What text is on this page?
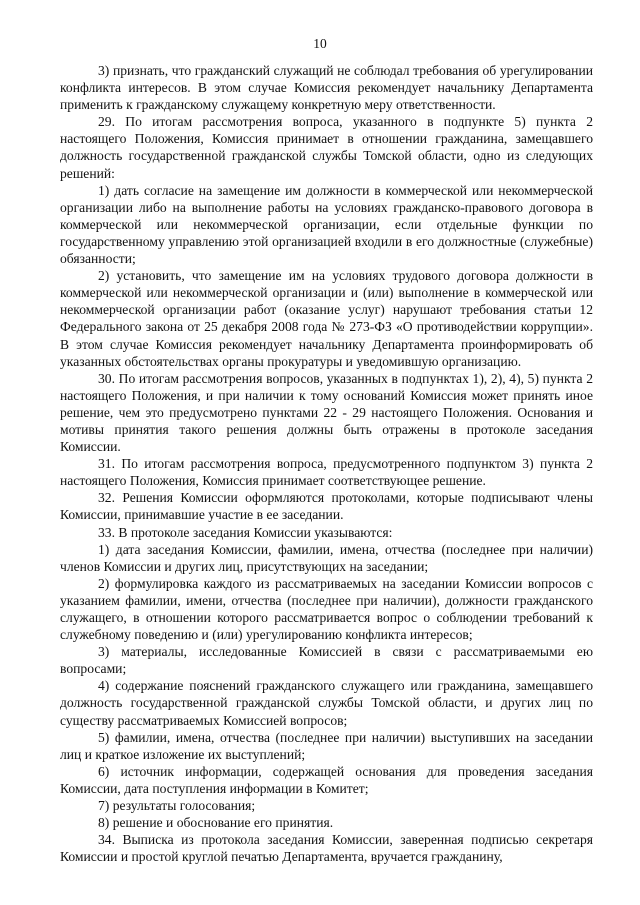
10

3) признать, что гражданский служащий не соблюдал требования об урегулировании конфликта интересов. В этом случае Комиссия рекомендует начальнику Департамента применить к гражданскому служащему конкретную меру ответственности.

29. По итогам рассмотрения вопроса, указанного в подпункте 5) пункта 2 настоящего Положения, Комиссия принимает в отношении гражданина, замещавшего должность государственной гражданской службы Томской области, одно из следующих решений:

1) дать согласие на замещение им должности в коммерческой или некоммерческой организации либо на выполнение работы на условиях гражданско-правового договора в коммерческой или некоммерческой организации, если отдельные функции по государственному управлению этой организацией входили в его должностные (служебные) обязанности;

2) установить, что замещение им на условиях трудового договора должности в коммерческой или некоммерческой организации и (или) выполнение в коммерческой или некоммерческой организации работ (оказание услуг) нарушают требования статьи 12 Федерального закона от 25 декабря 2008 года № 273-ФЗ «О противодействии коррупции». В этом случае Комиссия рекомендует начальнику Департамента проинформировать об указанных обстоятельствах органы прокуратуры и уведомившую организацию.

30. По итогам рассмотрения вопросов, указанных в подпунктах 1), 2), 4), 5) пункта 2 настоящего Положения, и при наличии к тому оснований Комиссия может принять иное решение, чем это предусмотрено пунктами 22 - 29 настоящего Положения. Основания и мотивы принятия такого решения должны быть отражены в протоколе заседания Комиссии.

31. По итогам рассмотрения вопроса, предусмотренного подпунктом 3) пункта 2 настоящего Положения, Комиссия принимает соответствующее решение.

32. Решения Комиссии оформляются протоколами, которые подписывают члены Комиссии, принимавшие участие в ее заседании.

33. В протоколе заседания Комиссии указываются:

1) дата заседания Комиссии, фамилии, имена, отчества (последнее при наличии) членов Комиссии и других лиц, присутствующих на заседании;

2) формулировка каждого из рассматриваемых на заседании Комиссии вопросов с указанием фамилии, имени, отчества (последнее при наличии), должности гражданского служащего, в отношении которого рассматривается вопрос о соблюдении требований к служебному поведению и (или) урегулированию конфликта интересов;

3) материалы, исследованные Комиссией в связи с рассматриваемыми ею вопросами;

4) содержание пояснений гражданского служащего или гражданина, замещавшего должность государственной гражданской службы Томской области, и других лиц по существу рассматриваемых Комиссией вопросов;

5) фамилии, имена, отчества (последнее при наличии) выступивших на заседании лиц и краткое изложение их выступлений;

6) источник информации, содержащей основания для проведения заседания Комиссии, дата поступления информации в Комитет;

7) результаты голосования;

8) решение и обоснование его принятия.

34. Выписка из протокола заседания Комиссии, заверенная подписью секретаря Комиссии и простой круглой печатью Департамента, вручается гражданину,
